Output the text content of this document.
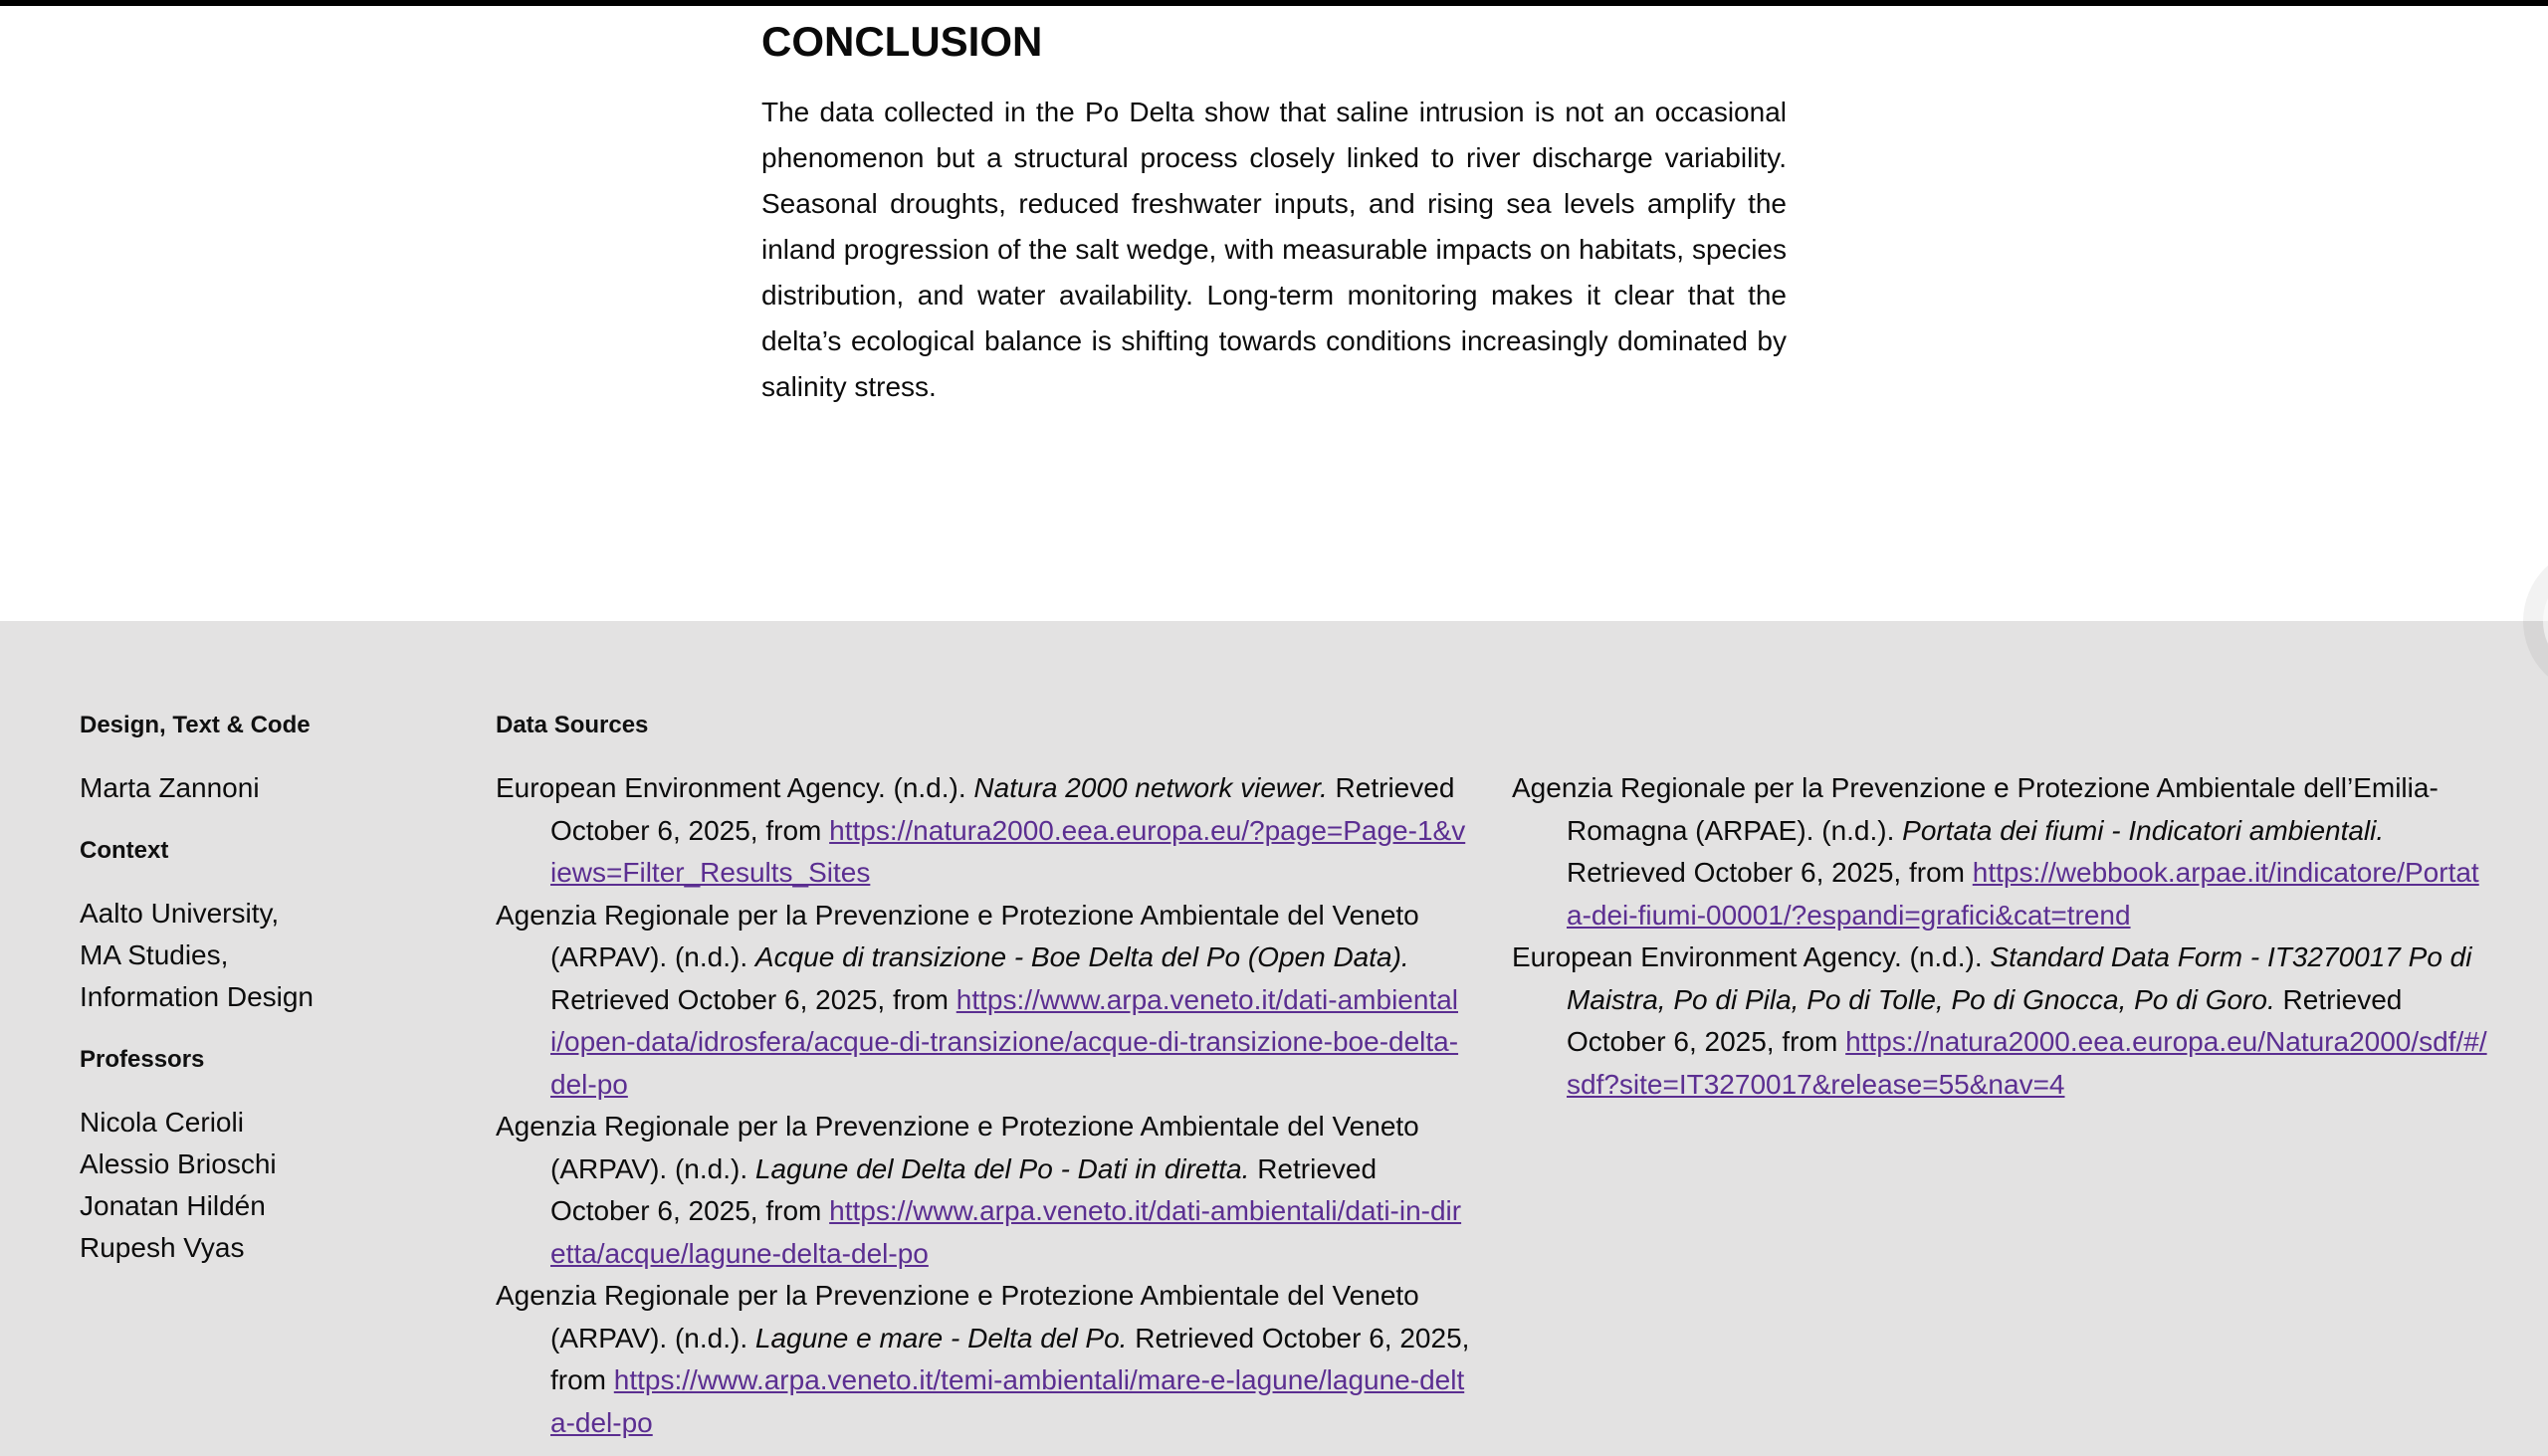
CONCLUSION

The data collected in the Po Delta show that saline intrusion is not an occasional phenomenon but a structural process closely linked to river discharge variability. Seasonal droughts, reduced freshwater inputs, and rising sea levels amplify the inland progression of the salt wedge, with measurable impacts on habitats, species distribution, and water availability. Long-term monitoring makes it clear that the delta’s ecological balance is shifting towards conditions increasingly dominated by salinity stress.

Design, Text & Code
Marta Zannoni
Context
Aalto University,
MA Studies,
Information Design
Professors
Nicola Cerioli
Alessio Brioschi
Jonatan Hildén
Rupesh Vyas
Data Sources
European Environment Agency. (n.d.). Natura 2000 network viewer. Retrieved October 6, 2025, from https://natura2000.eea.europa.eu/?page=Page-1&views=Filter_Results_Sites
Agenzia Regionale per la Prevenzione e Protezione Ambientale del Veneto (ARPAV). (n.d.). Acque di transizione - Boe Delta del Po (Open Data). Retrieved October 6, 2025, from https://www.arpa.veneto.it/dati-ambientali/open-data/idrosfera/acque-di-transizione/acque-di-transizione-boe-delta-del-po
Agenzia Regionale per la Prevenzione e Protezione Ambientale del Veneto (ARPAV). (n.d.). Lagune del Delta del Po - Dati in diretta. Retrieved October 6, 2025, from https://www.arpa.veneto.it/dati-ambientali/dati-in-diretta/acque/lagune-delta-del-po
Agenzia Regionale per la Prevenzione e Protezione Ambientale del Veneto (ARPAV). (n.d.). Lagune e mare - Delta del Po. Retrieved October 6, 2025, from https://www.arpa.veneto.it/temi-ambientali/mare-e-lagune/lagune-delta-del-po
Agenzia Regionale per la Prevenzione e Protezione Ambientale dell’Emilia-Romagna (ARPAE). (n.d.). Portata dei fiumi - Indicatori ambientali. Retrieved October 6, 2025, from https://webbook.arpae.it/indicatore/Portata-dei-fiumi-00001/?espandi=grafici&cat=trend
European Environment Agency. (n.d.). Standard Data Form - IT3270017 Po di Maistra, Po di Pila, Po di Tolle, Po di Gnocca, Po di Goro. Retrieved October 6, 2025, from https://natura2000.eea.europa.eu/Natura2000/sdf/#/sdf?site=IT3270017&release=55&nav=4
